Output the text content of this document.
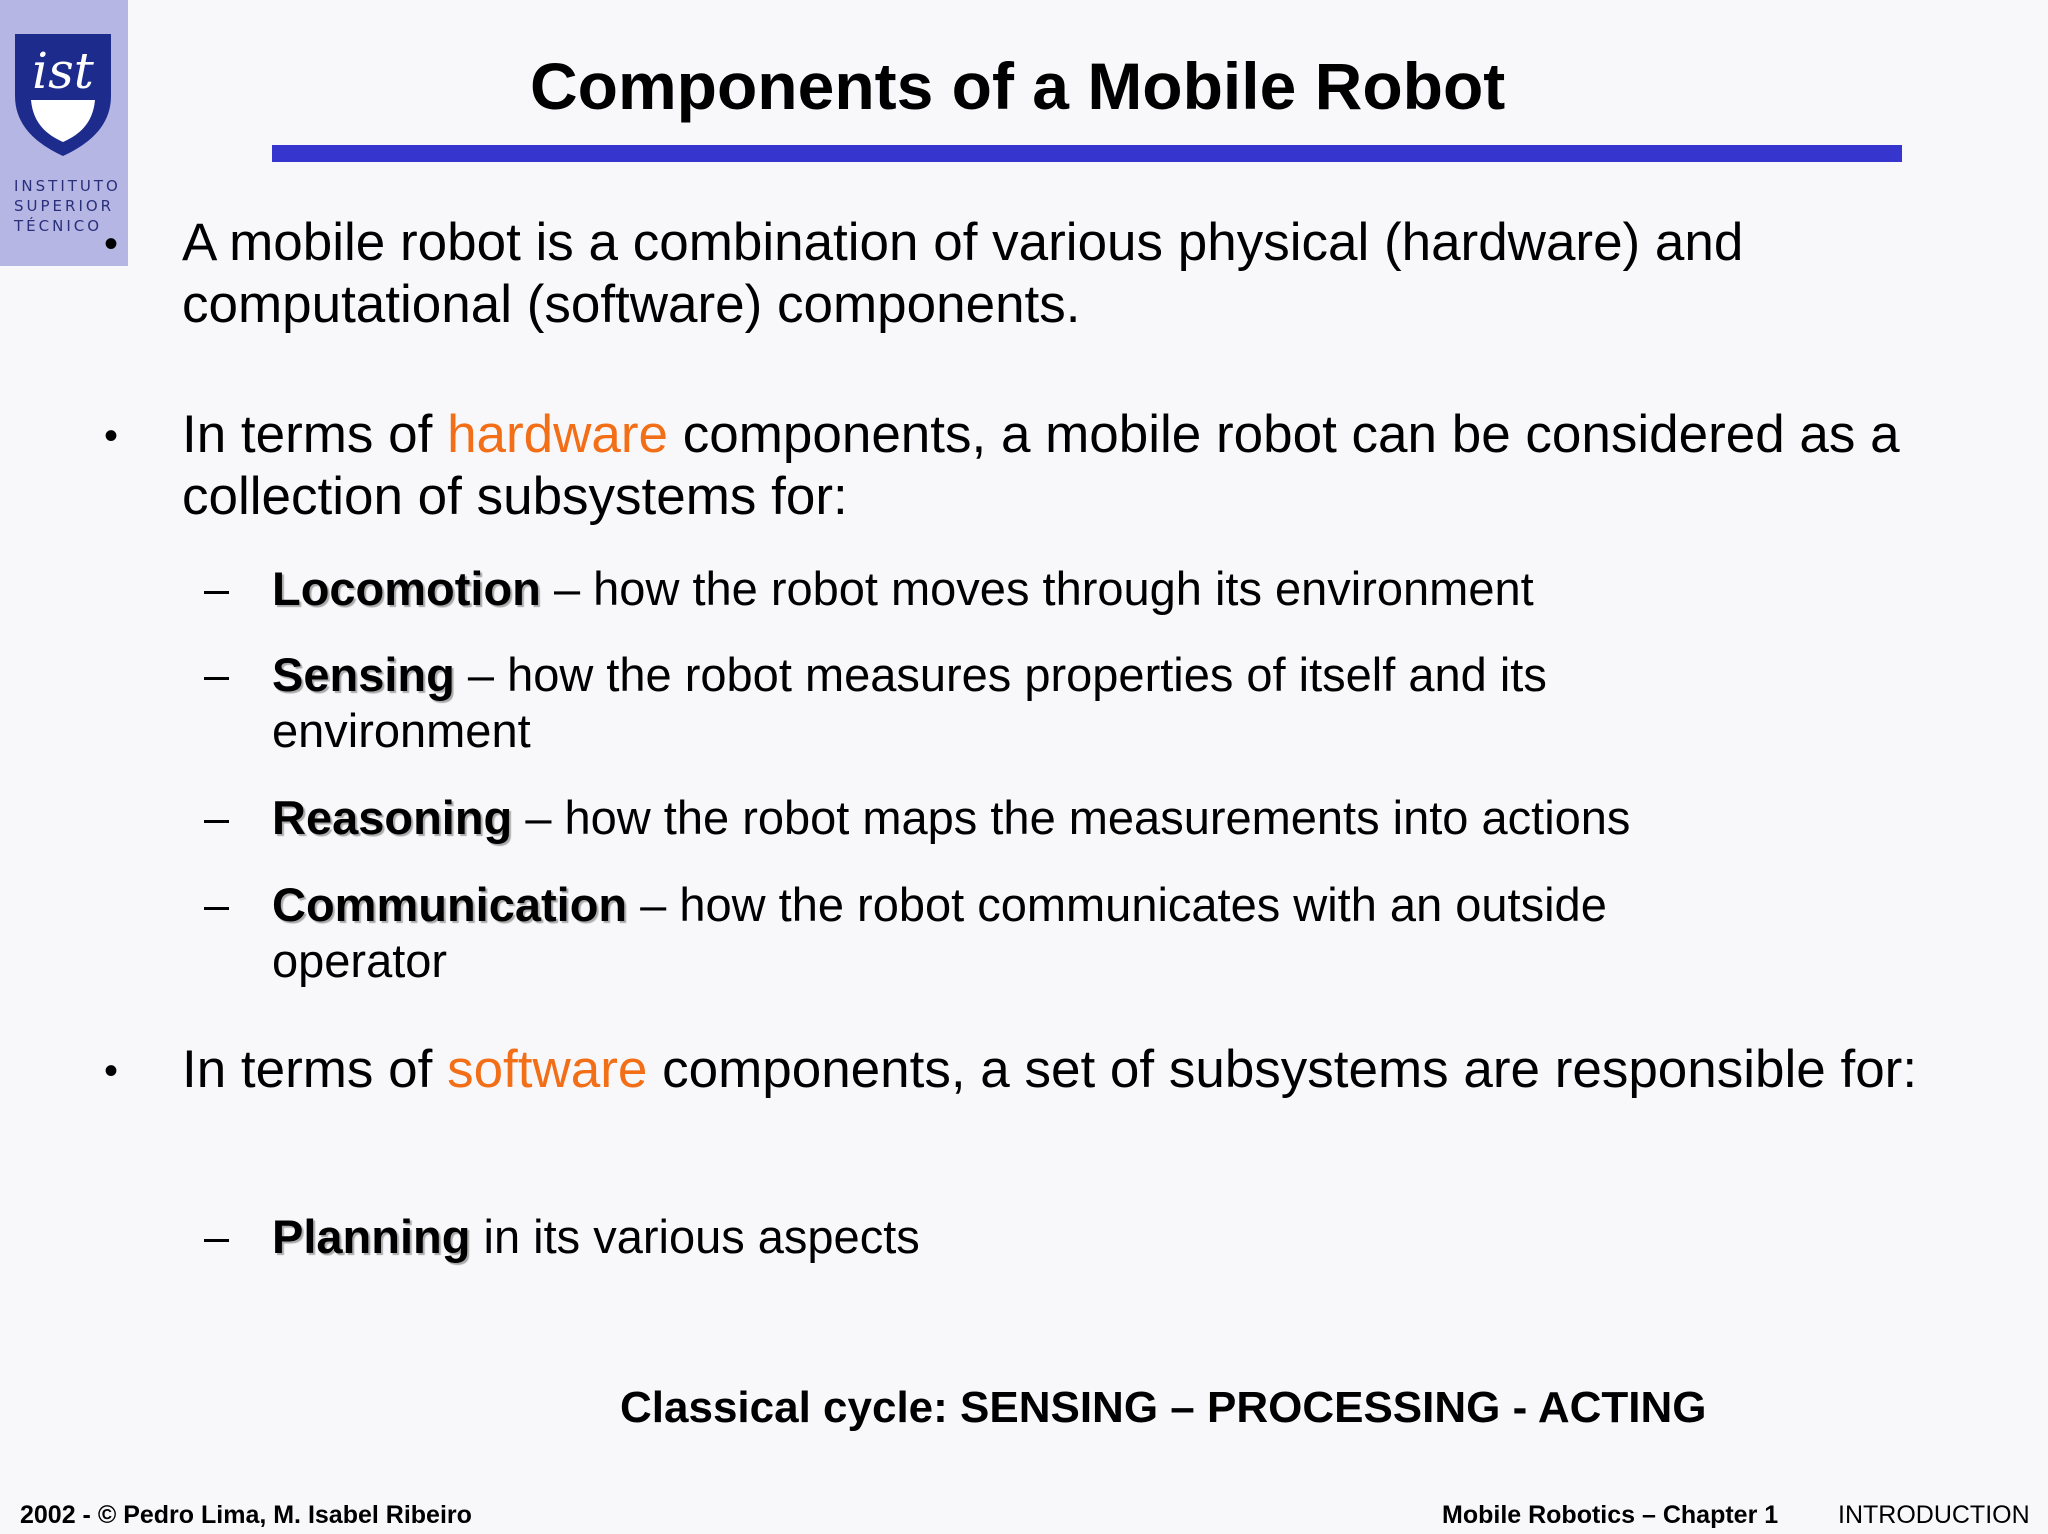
ist
INSTITUTO
SUPERIOR
TÉCNICO
Components of a Mobile Robot
• A mobile robot is a combination of various physical (hardware) and computational (software) components.
• In terms of hardware components, a mobile robot can be considered as a collection of subsystems for:
– Locomotion – how the robot moves through its environment
– Sensing – how the robot measures properties of itself and its environment
– Reasoning – how the robot maps the measurements into actions
– Communication – how the robot communicates with an outside operator
• In terms of software components, a set of subsystems are responsible for:
– Planning in its various aspects
Classical cycle: SENSING – PROCESSING - ACTING
2002 - © Pedro Lima, M. Isabel Ribeiro	Mobile Robotics – Chapter 1 INTRODUCTION
